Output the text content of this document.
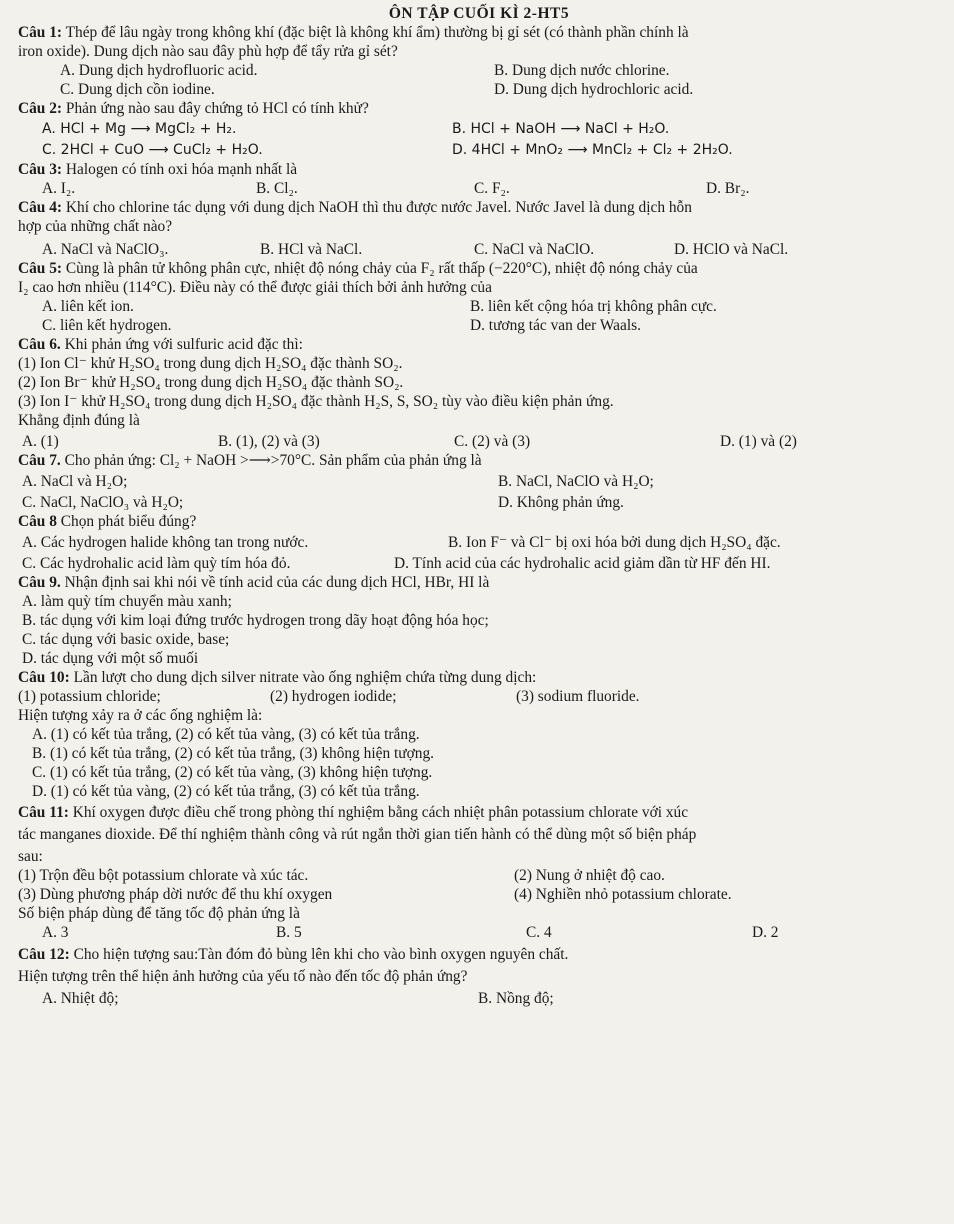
ÔN TẬP CUỐI KÌ 2-HT5
Câu 1: Thép để lâu ngày trong không khí (đặc biệt là không khí ẩm) thường bị gỉ sét (có thành phần chính là
iron oxide). Dung dịch nào sau đây phù hợp để tẩy rửa gỉ sét?
A. Dung dịch hydrofluoric acid.	B. Dung dịch nước chlorine.
C. Dung dịch cồn iodine.	D. Dung dịch hydrochloric acid.
Câu 2: Phản ứng nào sau đây chứng tỏ HCl có tính khử?
A. HCl + Mg ⟶ MgCl₂ + H₂.	B. HCl + NaOH ⟶ NaCl + H₂O.
C. 2HCl + CuO ⟶ CuCl₂ + H₂O.	D. 4HCl + MnO₂ ⟶ MnCl₂ + Cl₂ + 2H₂O.
Câu 3: Halogen có tính oxi hóa mạnh nhất là
A. I₂.	B. Cl₂.	C. F₂.	D. Br₂.
Câu 4: Khí cho chlorine tác dụng với dung dịch NaOH thì thu được nước Javel. Nước Javel là dung dịch hỗn
hợp của những chất nào?
A. NaCl và NaClO₃.	B. HCl và NaCl.	C. NaCl và NaClO.	D. HClO và NaCl.
Câu 5: Cùng là phân tử không phân cực, nhiệt độ nóng chảy của F₂ rất thấp (−220°C), nhiệt độ nóng chảy của
I₂ cao hơn nhiều (114°C). Điều này có thể được giải thích bởi ảnh hưởng của
A. liên kết ion.	B. liên kết cộng hóa trị không phân cực.
C. liên kết hydrogen.	D. tương tác van der Waals.
Câu 6. Khi phản ứng với sulfuric acid đặc thì:
(1) Ion Cl⁻ khử H₂SO₄ trong dung dịch H₂SO₄ đặc thành SO₂.
(2) Ion Br⁻ khử H₂SO₄ trong dung dịch H₂SO₄ đặc thành SO₂.
(3) Ion I⁻ khử H₂SO₄ trong dung dịch H₂SO₄ đặc thành H₂S, S, SO₂ tùy vào điều kiện phản ứng.
Khẳng định đúng là
A. (1)	B. (1), (2) và (3)	C. (2) và (3)	D. (1) và (2)
Câu 7. Cho phản ứng: Cl₂ + NaOH >⟶>70°C. Sản phẩm của phản ứng là
A. NaCl và H₂O;	B. NaCl, NaClO và H₂O;
C. NaCl, NaClO₃ và H₂O;	D. Không phản ứng.
Câu 8 Chọn phát biểu đúng?
A. Các hydrogen halide không tan trong nước.	B. Ion F⁻ và Cl⁻ bị oxi hóa bởi dung dịch H₂SO₄ đặc.
C. Các hydrohalic acid làm quỳ tím hóa đỏ.	D. Tính acid của các hydrohalic acid giảm dần từ HF đến HI.
Câu 9. Nhận định sai khi nói về tính acid của các dung dịch HCl, HBr, HI là
A. làm quỳ tím chuyển màu xanh;
B. tác dụng với kim loại đứng trước hydrogen trong dãy hoạt động hóa học;
C. tác dụng với basic oxide, base;
D. tác dụng với một số muối
Câu 10: Lần lượt cho dung dịch silver nitrate vào ống nghiệm chứa từng dung dịch:
(1) potassium chloride;	(2) hydrogen iodide;	(3) sodium fluoride.
Hiện tượng xảy ra ở các ống nghiệm là:
A. (1) có kết tủa trắng, (2) có kết tủa vàng, (3) có kết tủa trắng.
B. (1) có kết tủa trắng, (2) có kết tủa trắng, (3) không hiện tượng.
C. (1) có kết tủa trắng, (2) có kết tủa vàng, (3) không hiện tượng.
D. (1) có kết tủa vàng, (2) có kết tủa trắng, (3) có kết tủa trắng.
Câu 11: Khí oxygen được điều chế trong phòng thí nghiệm bằng cách nhiệt phân potassium chlorate với xúc
tác manganes dioxide. Để thí nghiệm thành công và rút ngắn thời gian tiến hành có thể dùng một số biện pháp
sau:
(1) Trộn đều bột potassium chlorate và xúc tác.	(2) Nung ở nhiệt độ cao.
(3) Dùng phương pháp dời nước để thu khí oxygen	(4) Nghiền nhỏ potassium chlorate.
Số biện pháp dùng để tăng tốc độ phản ứng là
A. 3	B. 5	C. 4	D. 2
Câu 12: Cho hiện tượng sau:Tàn đóm đỏ bùng lên khi cho vào bình oxygen nguyên chất.
Hiện tượng trên thể hiện ảnh hưởng của yếu tố nào đến tốc độ phản ứng?
A. Nhiệt độ;	B. Nồng độ;
